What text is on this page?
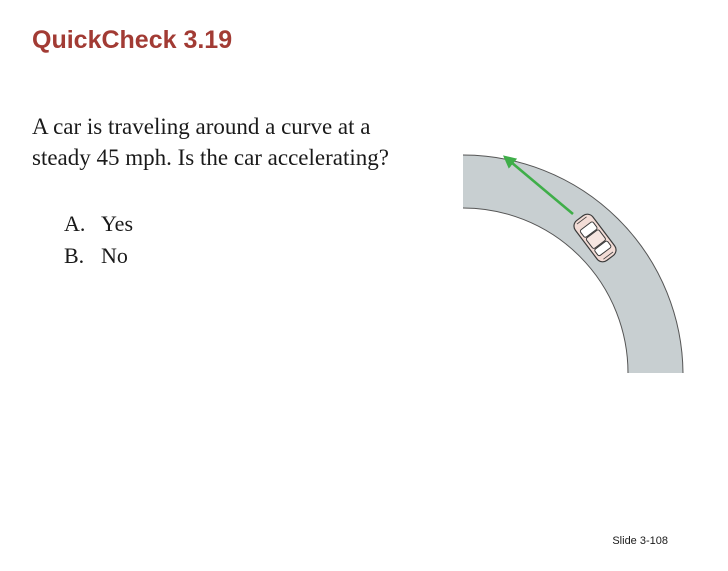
QuickCheck 3.19

A car is traveling around a curve at a
steady 45 mph. Is the car accelerating?

A. Yes
B. No
Slide 3-108
